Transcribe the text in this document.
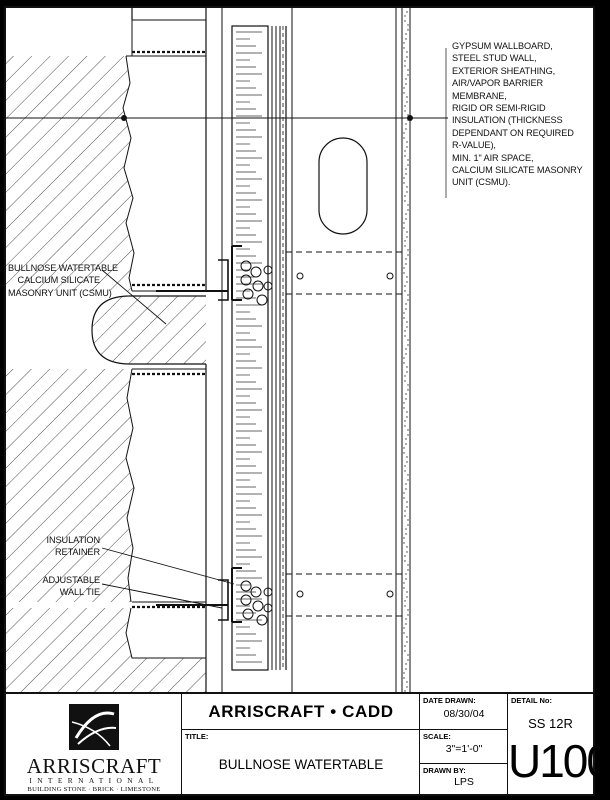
GYPSUM WALLBOARD,
STEEL STUD WALL,
EXTERIOR SHEATHING,
AIR/VAPOR BARRIER
MEMBRANE,
RIGID OR SEMI-RIGID
INSULATION (THICKNESS
DEPENDANT ON REQUIRED
R-VALUE),
MIN. 1" AIR SPACE,
CALCIUM SILICATE MASONRY
UNIT (CSMU).
BULLNOSE WATERTABLE
CALCIUM SILICATE
MASONRY UNIT (CSMU)
INSULATION
RETAINER
ADJUSTABLE
WALL TIE
ARRISCRAFT
INTERNATIONAL
BUILDING STONE · BRICK · LIMESTONE
ARRISCRAFT • CADD
TITLE:
BULLNOSE WATERTABLE
DATE DRAWN:
08/30/04
SCALE:
3"=1'-0"
DRAWN BY:
LPS
DETAIL No:
SS 12R
U100
